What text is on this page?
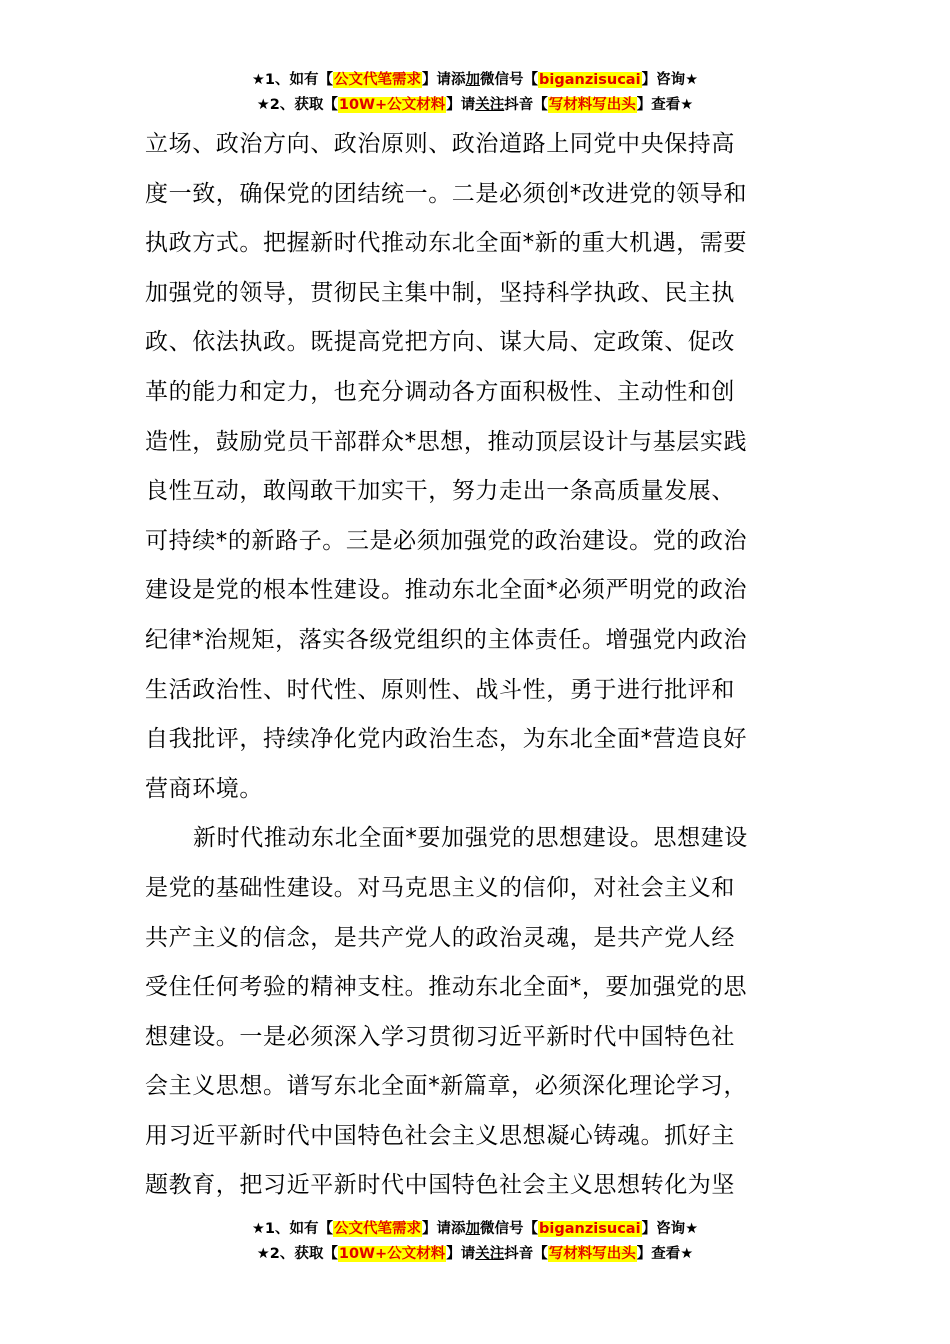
★1、如有【公文代笔需求】请添加微信号【biganzisucai】咨询★
★2、获取【10W+公文材料】请关注抖音【写材料写出头】查看★
立场、政治方向、政治原则、政治道路上同党中央保持高
度一致，确保党的团结统一。二是必须创*改进党的领导和
执政方式。把握新时代推动东北全面*新的重大机遇，需要
加强党的领导，贯彻民主集中制，坚持科学执政、民主执
政、依法执政。既提高党把方向、谋大局、定政策、促改
革的能力和定力，也充分调动各方面积极性、主动性和创
造性，鼓励党员干部群众*思想，推动顶层设计与基层实践
良性互动，敢闯敢干加实干，努力走出一条高质量发展、
可持续*的新路子。三是必须加强党的政治建设。党的政治
建设是党的根本性建设。推动东北全面*必须严明党的政治
纪律*治规矩，落实各级党组织的主体责任。增强党内政治
生活政治性、时代性、原则性、战斗性，勇于进行批评和
自我批评，持续净化党内政治生态，为东北全面*营造良好
营商环境。
新时代推动东北全面*要加强党的思想建设。思想建设
是党的基础性建设。对马克思主义的信仰，对社会主义和
共产主义的信念，是共产党人的政治灵魂，是共产党人经
受住任何考验的精神支柱。推动东北全面*，要加强党的思
想建设。一是必须深入学习贯彻习近平新时代中国特色社
会主义思想。谱写东北全面*新篇章，必须深化理论学习，
用习近平新时代中国特色社会主义思想凝心铸魂。抓好主
题教育，把习近平新时代中国特色社会主义思想转化为坚
★1、如有【公文代笔需求】请添加微信号【biganzisucai】咨询★
★2、获取【10W+公文材料】请关注抖音【写材料写出头】查看★
